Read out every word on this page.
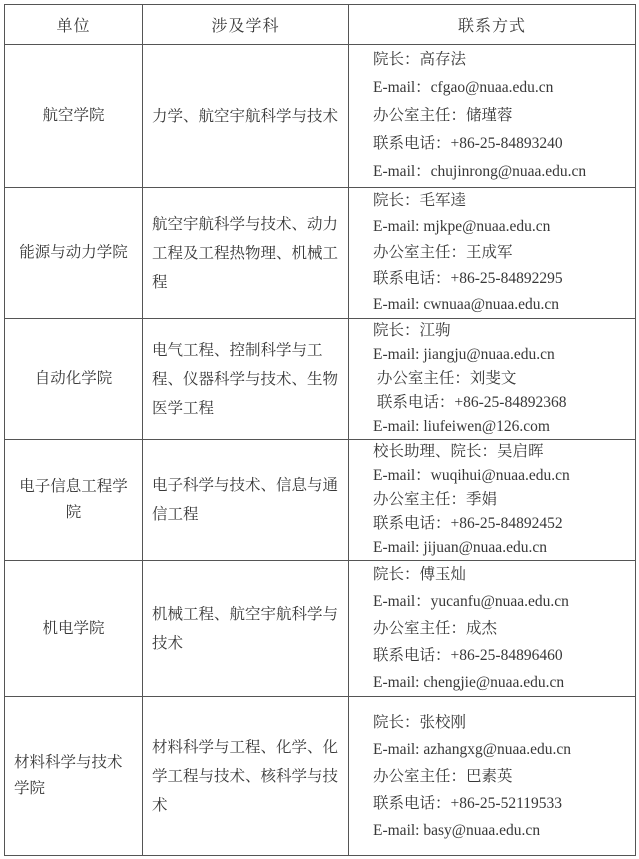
单位	涉及学科	联系方式
航空学院	力学、航空宇航科学与技术	院长：高存法
E-mail：cfgao@nuaa.edu.cn
办公室主任：储瑾蓉
联系电话：+86-25-84893240
E-mail：chujinrong@nuaa.edu.cn

能源与动力学院	航空宇航科学与技术、动力工程及工程热物理、机械工程	院长：毛军逵
E-mail: mjkpe@nuaa.edu.cn
办公室主任：王成军
联系电话：+86-25-84892295
E-mail: cwnuaa@nuaa.edu.cn

自动化学院	电气工程、控制科学与工程、仪器科学与技术、生物医学工程	院长：江驹
E-mail: jiangju@nuaa.edu.cn
办公室主任：刘斐文
联系电话：+86-25-84892368
E-mail: liufeiwen@126.com

电子信息工程学院	电子科学与技术、信息与通信工程	校长助理、院长：吴启晖
E-mail：wuqihui@nuaa.edu.cn
办公室主任：季娟
联系电话：+86-25-84892452
E-mail: jijuan@nuaa.edu.cn

机电学院	机械工程、航空宇航科学与技术	院长：傅玉灿
E-mail：yucanfu@nuaa.edu.cn
办公室主任：成杰
联系电话：+86-25-84896460
E-mail: chengjie@nuaa.edu.cn

材料科学与技术学院	材料科学与工程、化学、化学工程与技术、核科学与技术	院长：张校刚
E-mail: azhangxg@nuaa.edu.cn
办公室主任：巴素英
联系电话：+86-25-52119533
E-mail: basy@nuaa.edu.cn
